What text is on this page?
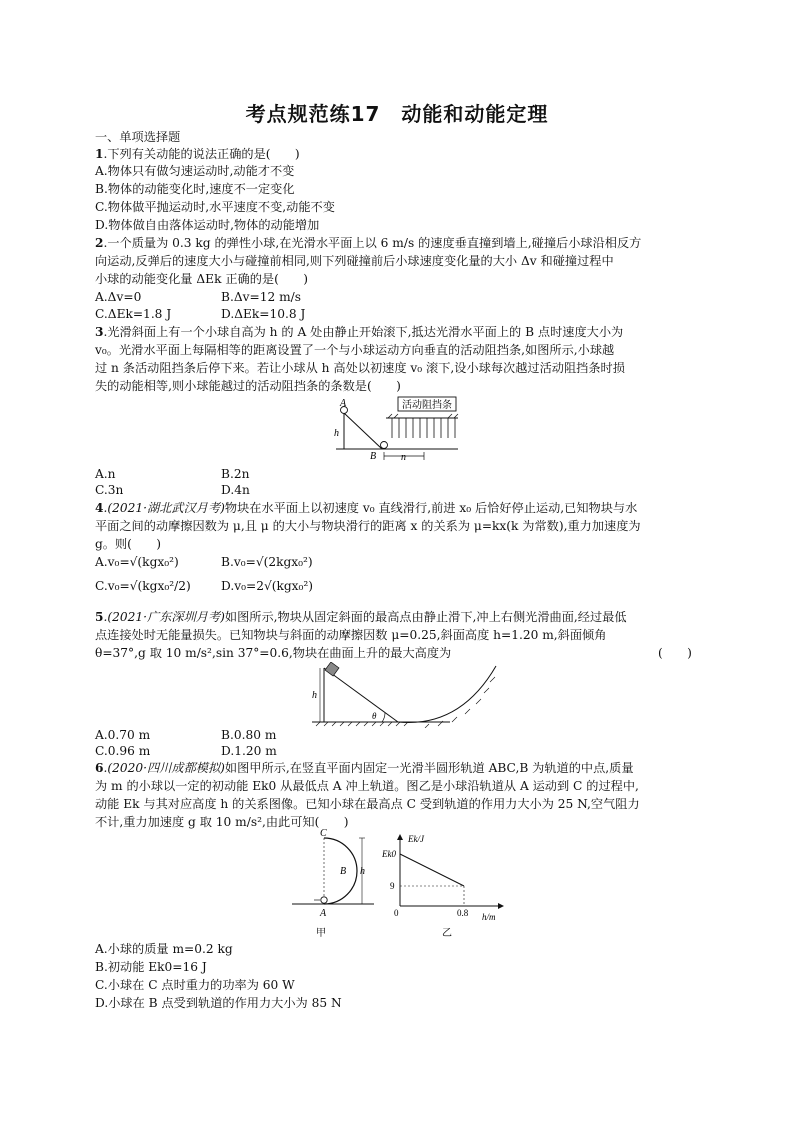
考点规范练17　动能和动能定理
一、单项选择题
1.下列有关动能的说法正确的是(　　)
A.物体只有做匀速运动时,动能才不变
B.物体的动能变化时,速度不一定变化
C.物体做平抛运动时,水平速度不变,动能不变
D.物体做自由落体运动时,物体的动能增加
2.一个质量为 0.3 kg 的弹性小球,在光滑水平面上以 6 m/s 的速度垂直撞到墙上,碰撞后小球沿相反方
向运动,反弹后的速度大小与碰撞前相同,则下列碰撞前后小球速度变化量的大小 Δv 和碰撞过程中
小球的动能变化量 ΔEk 正确的是(　　)
A.Δv=0	B.Δv=12 m/s
C.ΔEk=1.8 J	D.ΔEk=10.8 J
3.光滑斜面上有一个小球自高为 h 的 A 处由静止开始滚下,抵达光滑水平面上的 B 点时速度大小为
v₀。光滑水平面上每隔相等的距离设置了一个与小球运动方向垂直的活动阻挡条,如图所示,小球越
过 n 条活动阻挡条后停下来。若让小球从 h 高处以初速度 v₀ 滚下,设小球每次越过活动阻挡条时损
失的动能相等,则小球能越过的活动阻挡条的条数是(　　)
活动阻挡条
A
h
B n
A.n	B.2n
C.3n	D.4n
4.(2021·湖北武汉月考)物块在水平面上以初速度 v₀ 直线滑行,前进 x₀ 后恰好停止运动,已知物块与水
平面之间的动摩擦因数为 μ,且 μ 的大小与物块滑行的距离 x 的关系为 μ=kx(k 为常数),重力加速度为
g。则(　　)
A.v₀=√(kgx₀²)	B.v₀=√(2kgx₀²)
C.v₀=√(kgx₀²/2) D.v₀=2√(kgx₀²)
5.(2021·广东深圳月考)如图所示,物块从固定斜面的最高点由静止滑下,冲上右侧光滑曲面,经过最低
点连接处时无能量损失。已知物块与斜面的动摩擦因数 μ=0.25,斜面高度 h=1.20 m,斜面倾角
θ=37°,g 取 10 m/s²,sin 37°=0.6,物块在曲面上升的最大高度为	(　　)
h
θ
A.0.70 m	B.0.80 m
C.0.96 m	D.1.20 m
6.(2020·四川成都模拟)如图甲所示,在竖直平面内固定一光滑半圆形轨道 ABC,B 为轨道的中点,质量
为 m 的小球以一定的初动能 Ek0 从最低点 A 冲上轨道。图乙是小球沿轨道从 A 运动到 C 的过程中,
动能 Ek 与其对应高度 h 的关系图像。已知小球在最高点 C 受到轨道的作用力大小为 25 N,空气阻力
不计,重力加速度 g 取 10 m/s²,由此可知(　　)
C
B
A
h
甲
Ek/J
Ek0
9
0	0.8 h/m
乙
A.小球的质量 m=0.2 kg
B.初动能 Ek0=16 J
C.小球在 C 点时重力的功率为 60 W
D.小球在 B 点受到轨道的作用力大小为 85 N
